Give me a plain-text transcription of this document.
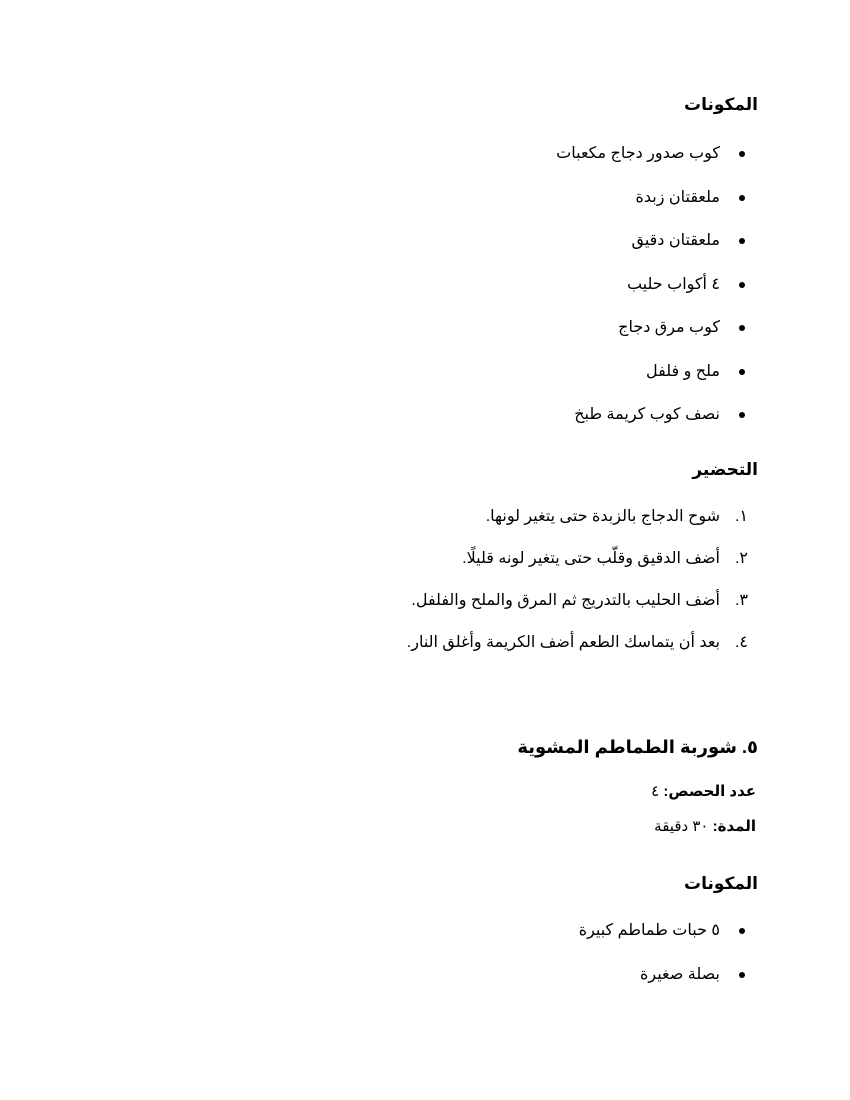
المكونات
كوب صدور دجاج مكعبات
ملعقتان زبدة
ملعقتان دقيق
٤ أكواب حليب
كوب مرق دجاج
ملح و فلفل
نصف كوب كريمة طبخ
التحضير
١.
شوح الدجاج بالزبدة حتى يتغير لونها.
٢.
أضف الدقيق وقلّب حتى يتغير لونه قليلًا.
٣.
أضف الحليب بالتدريج ثم المرق والملح والفلفل.
٤.
بعد أن يتماسك الطعم أضف الكريمة وأغلق النار.
٥. شوربة الطماطم المشوية
عدد الحصص: ٤
المدة: ٣٠ دقيقة
المكونات
٥ حبات طماطم كبيرة
بصلة صغيرة
